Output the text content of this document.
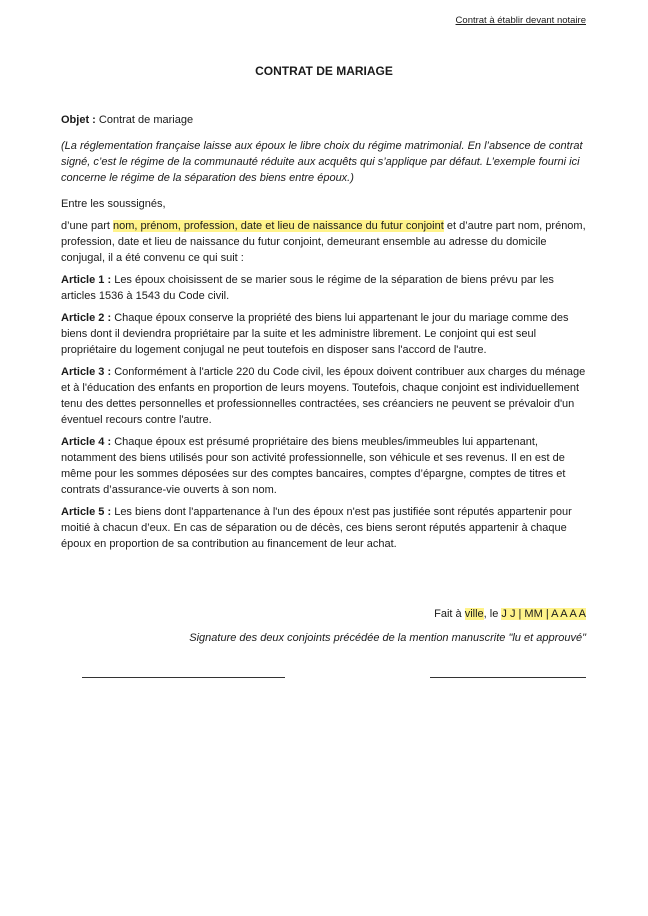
Contrat à établir devant notaire
CONTRAT DE MARIAGE

Objet : Contrat de mariage

(La réglementation française laisse aux époux le libre choix du régime matrimonial. En l’absence de contrat signé, c’est le régime de la communauté réduite aux acquêts qui s’applique par défaut. L’exemple fourni ici concerne le régime de la séparation des biens entre époux.)

Entre les soussignés,

d’une part nom, prénom, profession, date et lieu de naissance du futur conjoint et d’autre part nom, prénom, profession, date et lieu de naissance du futur conjoint, demeurant ensemble au adresse du domicile conjugal, il a été convenu ce qui suit :

Article 1 : Les époux choisissent de se marier sous le régime de la séparation de biens prévu par les articles 1536 à 1543 du Code civil.

Article 2 : Chaque époux conserve la propriété des biens lui appartenant le jour du mariage comme des biens dont il deviendra propriétaire par la suite et les administre librement. Le conjoint qui est seul propriétaire du logement conjugal ne peut toutefois en disposer sans l'accord de l'autre.

Article 3 : Conformément à l'article 220 du Code civil, les époux doivent contribuer aux charges du ménage et à l'éducation des enfants en proportion de leurs moyens. Toutefois, chaque conjoint est individuellement tenu des dettes personnelles et professionnelles contractées, ses créanciers ne peuvent se prévaloir d'un éventuel recours contre l'autre.

Article 4 : Chaque époux est présumé propriétaire des biens meubles/immeubles lui appartenant, notamment des biens utilisés pour son activité professionnelle, son véhicule et ses revenus. Il en est de même pour les sommes déposées sur des comptes bancaires, comptes d’épargne, comptes de titres et contrats d’assurance-vie ouverts à son nom.

Article 5 : Les biens dont l'appartenance à l'un des époux n'est pas justifiée sont réputés appartenir pour moitié à chacun d’eux. En cas de séparation ou de décès, ces biens seront réputés appartenir à chaque époux en proportion de sa contribution au financement de leur achat.

Fait à ville, le J J | MM | A A A A
Signature des deux conjoints précédée de la mention manuscrite "lu et approuvé"
